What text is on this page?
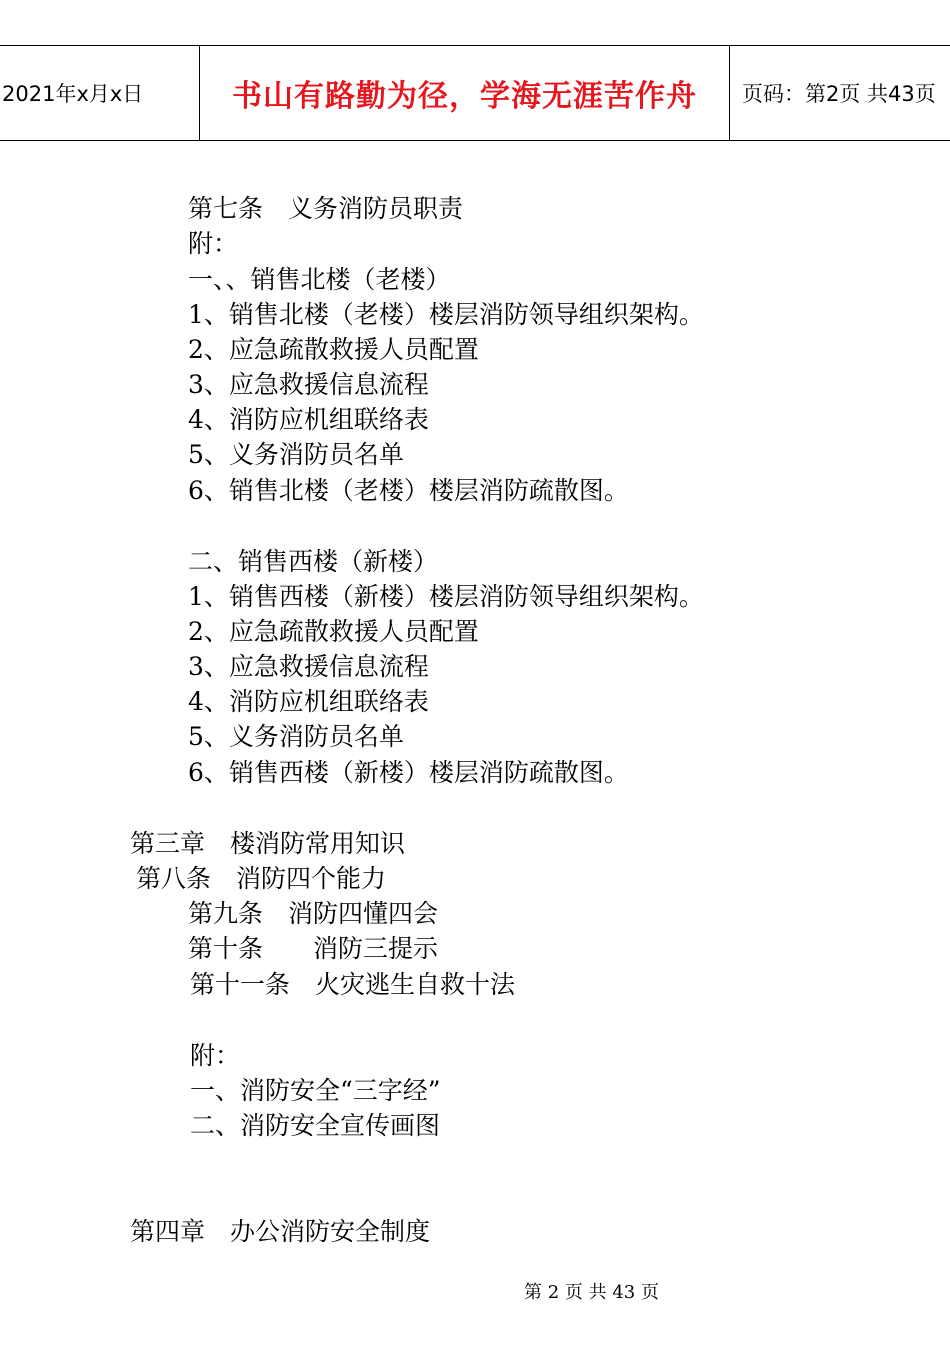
2021年x月x日	书山有路勤为径，学海无涯苦作舟	页码：第2页 共43页
第七条　义务消防员职责
附：
一、、销售北楼（老楼）
1、销售北楼（老楼）楼层消防领导组织架构。
2、应急疏散救援人员配置
3、应急救援信息流程
4、消防应机组联络表
5、义务消防员名单
6、销售北楼（老楼）楼层消防疏散图。
二、销售西楼（新楼）
1、销售西楼（新楼）楼层消防领导组织架构。
2、应急疏散救援人员配置
3、应急救援信息流程
4、消防应机组联络表
5、义务消防员名单
6、销售西楼（新楼）楼层消防疏散图。
第三章　楼消防常用知识
第八条　消防四个能力
第九条　消防四懂四会
第十条　　消防三提示
第十一条　火灾逃生自救十法
附：
一、消防安全“三字经”
二、消防安全宣传画图
第四章　办公消防安全制度
第 2 页 共 43 页
